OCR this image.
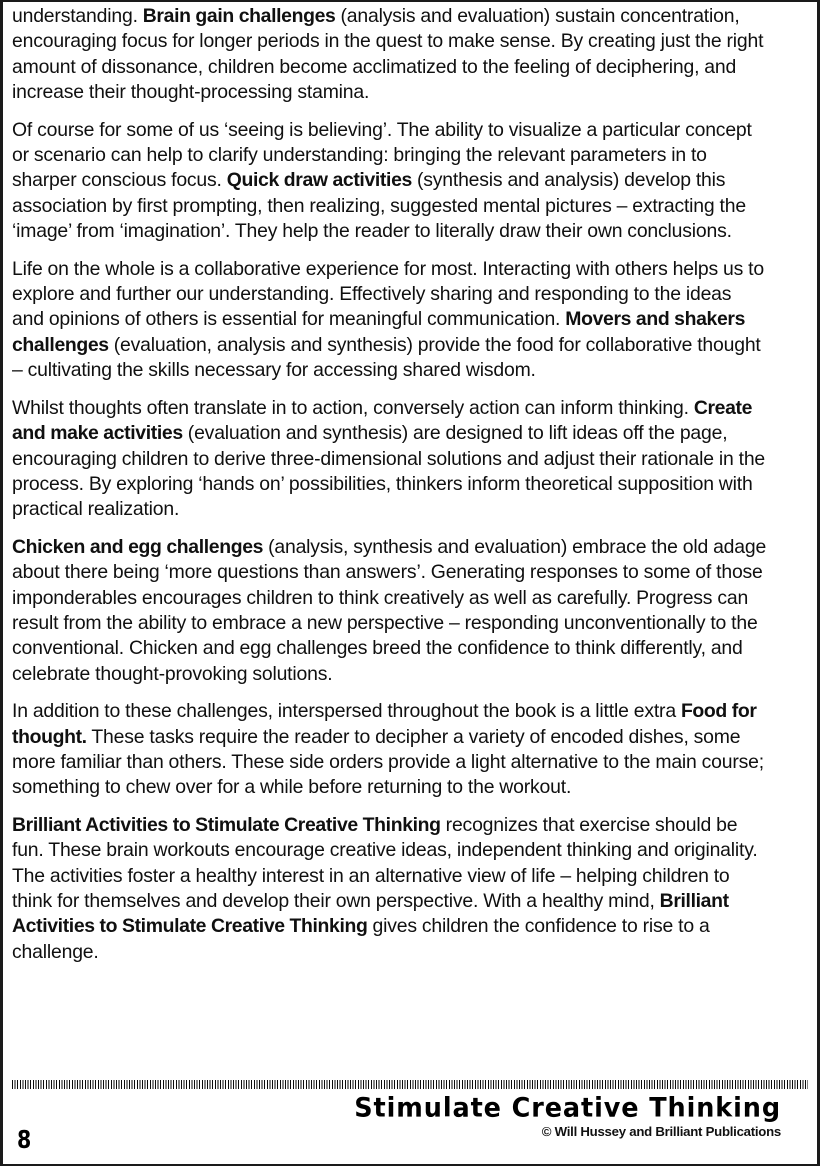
understanding. Brain gain challenges (analysis and evaluation) sustain concentration, encouraging focus for longer periods in the quest to make sense. By creating just the right amount of dissonance, children become acclimatized to the feeling of deciphering, and increase their thought-processing stamina.

Of course for some of us ‘seeing is believing’. The ability to visualize a particular concept or scenario can help to clarify understanding: bringing the relevant parameters in to sharper conscious focus. Quick draw activities (synthesis and analysis) develop this association by first prompting, then realizing, suggested mental pictures – extracting the ‘image’ from ‘imagination’. They help the reader to literally draw their own conclusions.

Life on the whole is a collaborative experience for most. Interacting with others helps us to explore and further our understanding. Effectively sharing and responding to the ideas and opinions of others is essential for meaningful communication. Movers and shakers challenges (evaluation, analysis and synthesis) provide the food for collaborative thought – cultivating the skills necessary for accessing shared wisdom.

Whilst thoughts often translate in to action, conversely action can inform thinking. Create and make activities (evaluation and synthesis) are designed to lift ideas off the page, encouraging children to derive three-dimensional solutions and adjust their rationale in the process. By exploring ‘hands on’ possibilities, thinkers inform theoretical supposition with practical realization.

Chicken and egg challenges (analysis, synthesis and evaluation) embrace the old adage about there being ‘more questions than answers’. Generating responses to some of those imponderables encourages children to think creatively as well as carefully. Progress can result from the ability to embrace a new perspective – responding unconventionally to the conventional. Chicken and egg challenges breed the confidence to think differently, and celebrate thought-provoking solutions.

In addition to these challenges, interspersed throughout the book is a little extra Food for thought. These tasks require the reader to decipher a variety of encoded dishes, some more familiar than others. These side orders provide a light alternative to the main course; something to chew over for a while before returning to the workout.

Brilliant Activities to Stimulate Creative Thinking recognizes that exercise should be fun. These brain workouts encourage creative ideas, independent thinking and originality. The activities foster a healthy interest in an alternative view of life – helping children to think for themselves and develop their own perspective. With a healthy mind, Brilliant Activities to Stimulate Creative Thinking gives children the confidence to rise to a challenge.

Stimulate Creative Thinking
© Will Hussey and Brilliant Publications
8
